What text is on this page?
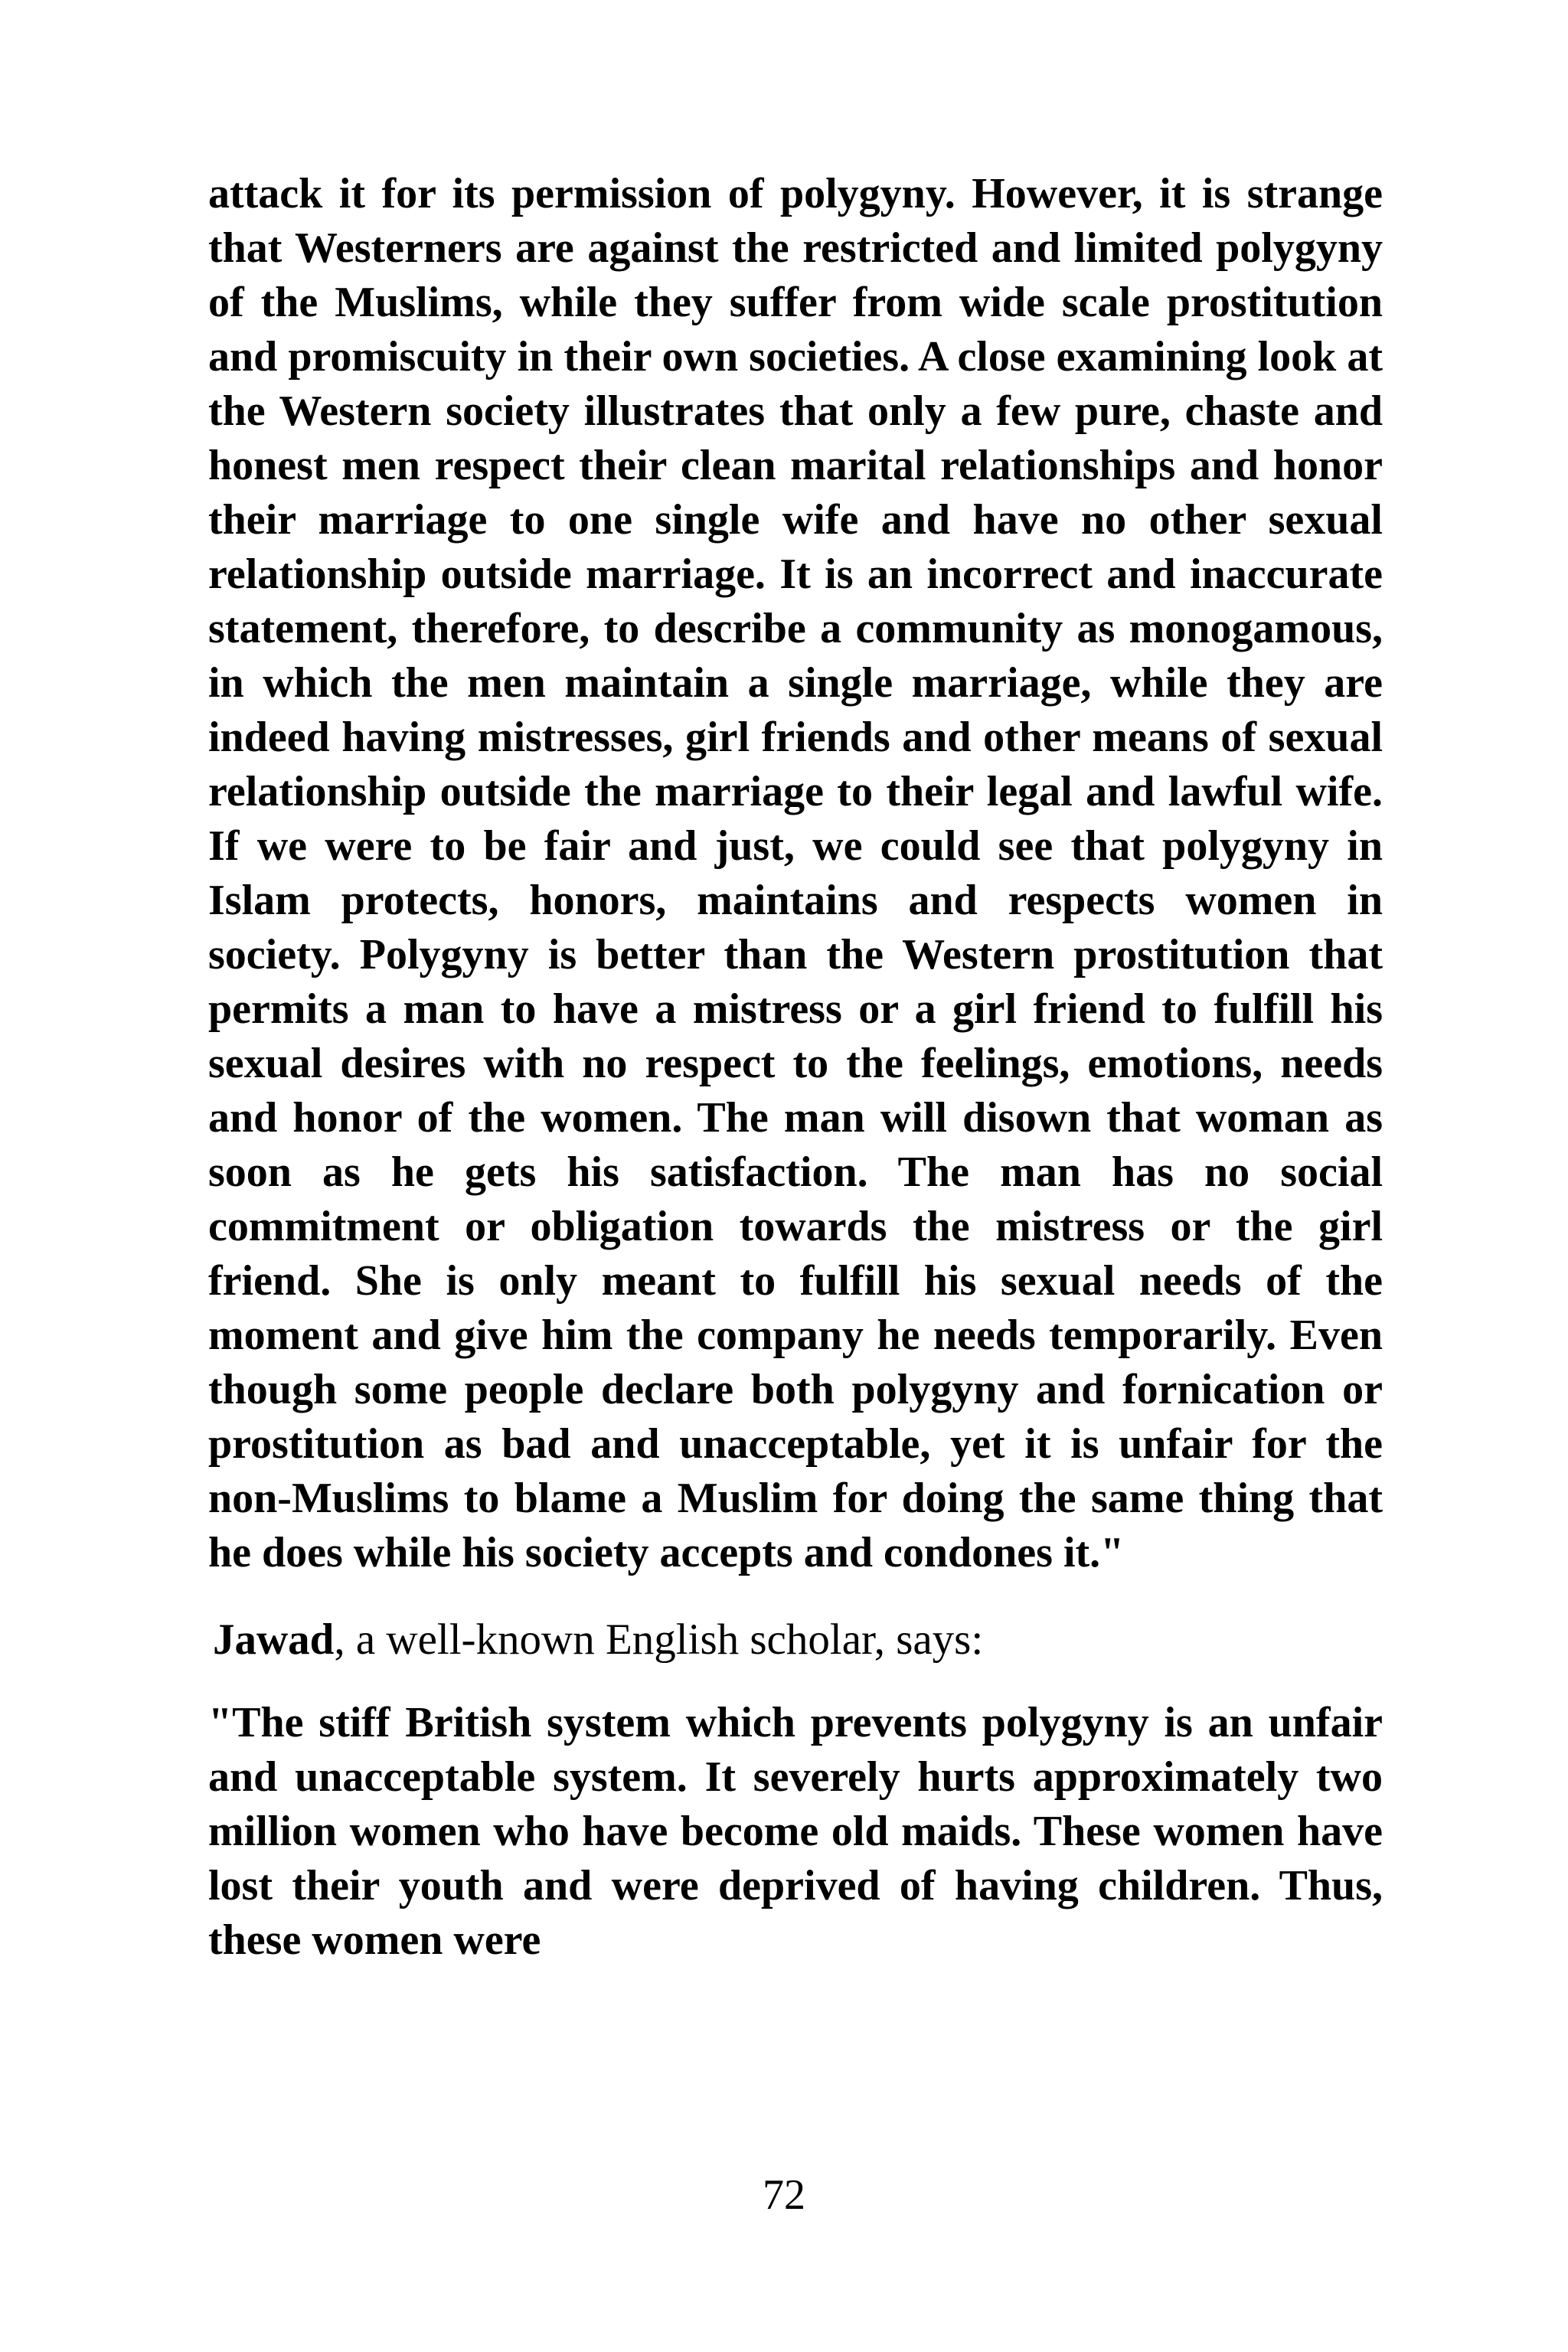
attack it for its permission of polygyny. However, it is strange that Westerners are against the restricted and limited polygyny of the Muslims, while they suffer from wide scale prostitution and promiscuity in their own societies. A close examining look at the Western society illustrates that only a few pure, chaste and honest men respect their clean marital relationships and honor their marriage to one single wife and have no other sexual relationship outside marriage. It is an incorrect and inaccurate statement, therefore, to describe a community as monogamous, in which the men maintain a single marriage, while they are indeed having mistresses, girl friends and other means of sexual relationship outside the marriage to their legal and lawful wife. If we were to be fair and just, we could see that polygyny in Islam protects, honors, maintains and respects women in society. Polygyny is better than the Western prostitution that permits a man to have a mistress or a girl friend to fulfill his sexual desires with no respect to the feelings, emotions, needs and honor of the women. The man will disown that woman as soon as he gets his satisfaction. The man has no social commitment or obligation towards the mistress or the girl friend. She is only meant to fulfill his sexual needs of the moment and give him the company he needs temporarily. Even though some people declare both polygyny and fornication or prostitution as bad and unacceptable, yet it is unfair for the non-Muslims to blame a Muslim for doing the same thing that he does while his society accepts and condones it."

Jawad, a well-known English scholar, says:

"The stiff British system which prevents polygyny is an unfair and unacceptable system. It severely hurts approximately two million women who have become old maids. These women have lost their youth and were deprived of having children. Thus, these women were

72
